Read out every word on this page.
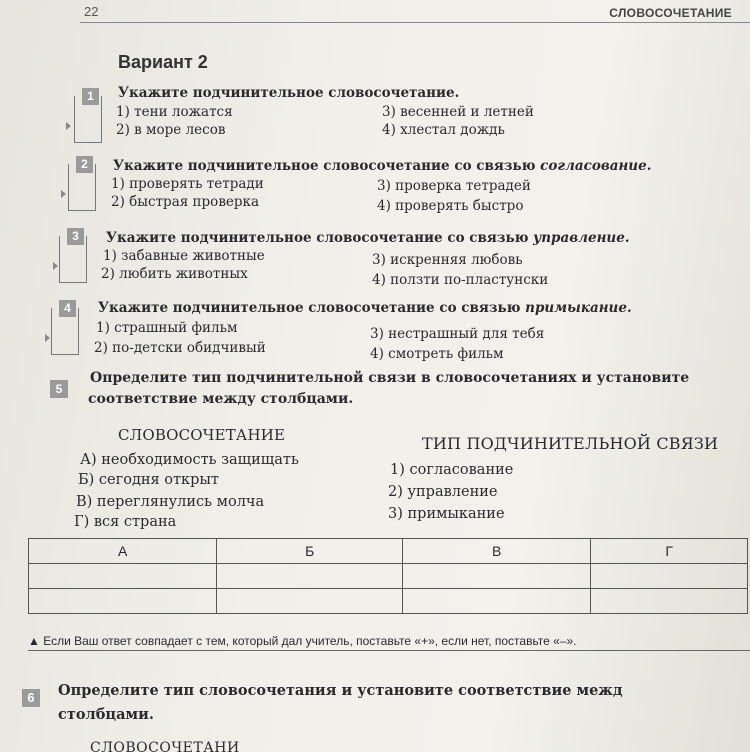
22	СЛОВОСОЧЕТАНИЕ
Вариант 2
1	Укажите подчинительное словосочетание.
1) тени ложатся
2) в море лесов
3) весенней и летней
4) хлестал дождь
2	Укажите подчинительное словосочетание со связью согласование.
1) проверять тетради
2) быстрая проверка
3) проверка тетрадей
4) проверять быстро
3	Укажите подчинительное словосочетание со связью управление.
1) забавные животные
2) любить животных
3) искренняя любовь
4) ползти по-пластунски
4	Укажите подчинительное словосочетание со связью примыкание.
1) страшный фильм
2) по-детски обидчивый
3) нестрашный для тебя
4) смотреть фильм
5
Определите тип подчинительной связи в словосочетаниях и установите
соответствие между столбцами.
СЛОВОСОЧЕТАНИЕ	ТИП ПОДЧИНИТЕЛЬНОЙ СВЯЗИ
А) необходимость защищать
Б) сегодня открыт
В) переглянулись молча
Г) вся страна
1) согласование
2) управление
3) примыкание
А	Б	В	Г

▲ Если Ваш ответ совпадает с тем, который дал учитель, поставьте «+», если нет, поставьте «–».
6	Определите тип словосочетания и установите соответствие межд
столбцами.
СЛОВОСОЧЕТАНИ
